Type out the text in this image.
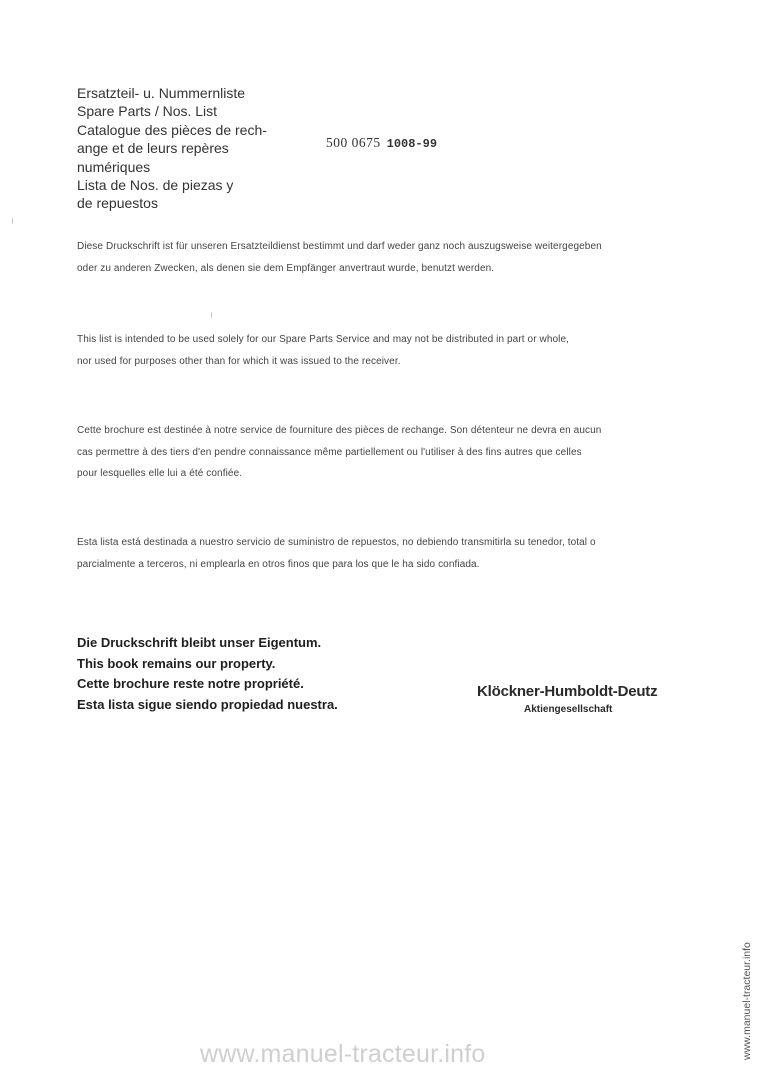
Ersatzteil- u. Nummernliste
Spare Parts / Nos. List
Catalogue des pièces de rech-
ange et de leurs repères
numériques
Lista de Nos. de piezas y
de repuestos
500 0675 1008-99
Diese Druckschrift ist für unseren Ersatzteildienst bestimmt und darf weder ganz noch auszugsweise weitergegeben
oder zu anderen Zwecken, als denen sie dem Empfänger anvertraut wurde, benutzt werden.
This list is intended to be used solely for our Spare Parts Service and may not be distributed in part or whole,
nor used for purposes other than for which it was issued to the receiver.
Cette brochure est destinée à notre service de fourniture des pièces de rechange. Son détenteur ne devra en aucun
cas permettre à des tiers d'en pendre connaissance même partiellement ou l'utiliser à des fins autres que celles
pour lesquelles elle lui a été confiée.
Esta lista está destinada a nuestro servicio de suministro de repuestos, no debiendo transmitirla su tenedor, total o
parcialmente a terceros, ni emplearla en otros finos que para los que le ha sido confiada.
Die Druckschrift bleibt unser Eigentum.
This book remains our property.
Cette brochure reste notre propriété.
Esta lista sigue siendo propiedad nuestra.
Klöckner-Humboldt-Deutz
Aktiengesellschaft
www.manuel-tracteur.info	www.manuel-tracteur.info
